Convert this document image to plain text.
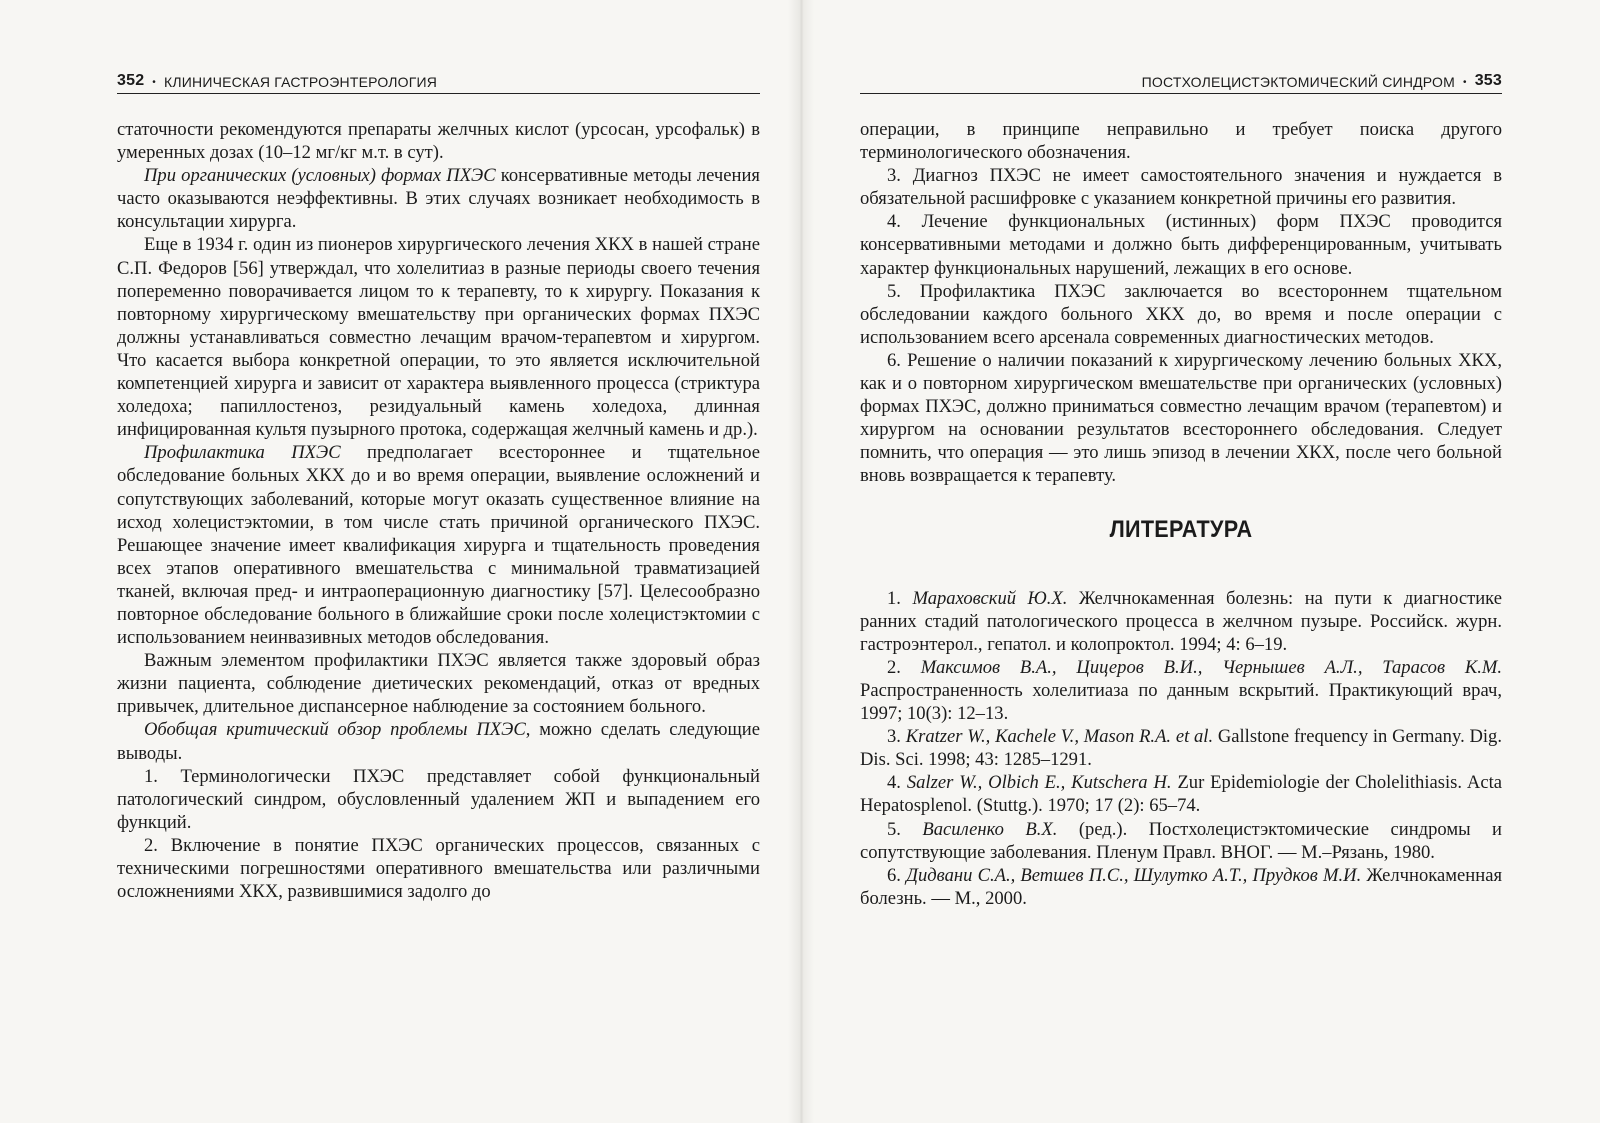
352 • КЛИНИЧЕСКАЯ ГАСТРОЭНТЕРОЛОГИЯ

статочности рекомендуются препараты желчных кислот (урсосан, урсофальк) в умеренных дозах (10–12 мг/кг м.т. в сут).

При органических (условных) формах ПХЭС консервативные методы лечения часто оказываются неэффективны. В этих случаях возникает необходимость в консультации хирурга.

Еще в 1934 г. один из пионеров хирургического лечения ХКХ в нашей стране С.П. Федоров [56] утверждал, что холелитиаз в разные периоды своего течения попеременно поворачивается лицом то к терапевту, то к хирургу. Показания к повторному хирургическому вмешательству при органических формах ПХЭС должны устанавливаться совместно лечащим врачом-терапевтом и хирургом. Что касается выбора конкретной операции, то это является исключительной компетенцией хирурга и зависит от характера выявленного процесса (стриктура холедоха; папиллостеноз, резидуальный камень холедоха, длинная инфицированная культя пузырного протока, содержащая желчный камень и др.).

Профилактика ПХЭС предполагает всестороннее и тщательное обследование больных ХКХ до и во время операции, выявление осложнений и сопутствующих заболеваний, которые могут оказать существенное влияние на исход холецистэктомии, в том числе стать причиной органического ПХЭС. Решающее значение имеет квалификация хирурга и тщательность проведения всех этапов оперативного вмешательства с минимальной травматизацией тканей, включая пред- и интраоперационную диагностику [57]. Целесообразно повторное обследование больного в ближайшие сроки после холецистэктомии с использованием неинвазивных методов обследования.

Важным элементом профилактики ПХЭС является также здоровый образ жизни пациента, соблюдение диетических рекомендаций, отказ от вредных привычек, длительное диспансерное наблюдение за состоянием больного.

Обобщая критический обзор проблемы ПХЭС, можно сделать следующие выводы.

1. Терминологически ПХЭС представляет собой функциональный патологический синдром, обусловленный удалением ЖП и выпадением его функций.

2. Включение в понятие ПХЭС органических процессов, связанных с техническими погрешностями оперативного вмешательства или различными осложнениями ХКХ, развившимися задолго до

ПОСТХОЛЕЦИСТЭКТОМИЧЕСКИЙ СИНДРОМ • 353

операции, в принципе неправильно и требует поиска другого терминологического обозначения.

3. Диагноз ПХЭС не имеет самостоятельного значения и нуждается в обязательной расшифровке с указанием конкретной причины его развития.

4. Лечение функциональных (истинных) форм ПХЭС проводится консервативными методами и должно быть дифференцированным, учитывать характер функциональных нарушений, лежащих в его основе.

5. Профилактика ПХЭС заключается во всестороннем тщательном обследовании каждого больного ХКХ до, во время и после операции с использованием всего арсенала современных диагностических методов.

6. Решение о наличии показаний к хирургическому лечению больных ХКХ, как и о повторном хирургическом вмешательстве при органических (условных) формах ПХЭС, должно приниматься совместно лечащим врачом (терапевтом) и хирургом на основании результатов всестороннего обследования. Следует помнить, что операция — это лишь эпизод в лечении ХКХ, после чего больной вновь возвращается к терапевту.

ЛИТЕРАТУРА

1. Мараховский Ю.Х. Желчнокаменная болезнь: на пути к диагностике ранних стадий патологического процесса в желчном пузыре. Российск. журн. гастроэнтерол., гепатол. и колопроктол. 1994; 4: 6–19.

2. Максимов В.А., Цицеров В.И., Чернышев А.Л., Тарасов К.М. Распространенность холелитиаза по данным вскрытий. Практикующий врач, 1997; 10(3): 12–13.

3. Kratzer W., Kachele V., Mason R.A. et al. Gallstone frequency in Germany. Dig. Dis. Sci. 1998; 43: 1285–1291.

4. Salzer W., Olbich E., Kutschera H. Zur Epidemiologie der Cholelithiasis. Acta Hepatosplenol. (Stuttg.). 1970; 17 (2): 65–74.

5. Василенко В.Х. (ред.). Постхолецистэктомические синдромы и сопутствующие заболевания. Пленум Правл. ВНОГ. — М.–Рязань, 1980.

6. Дидвани С.А., Ветшев П.С., Шулутко А.Т., Прудков М.И. Желчнокаменная болезнь. — М., 2000.
